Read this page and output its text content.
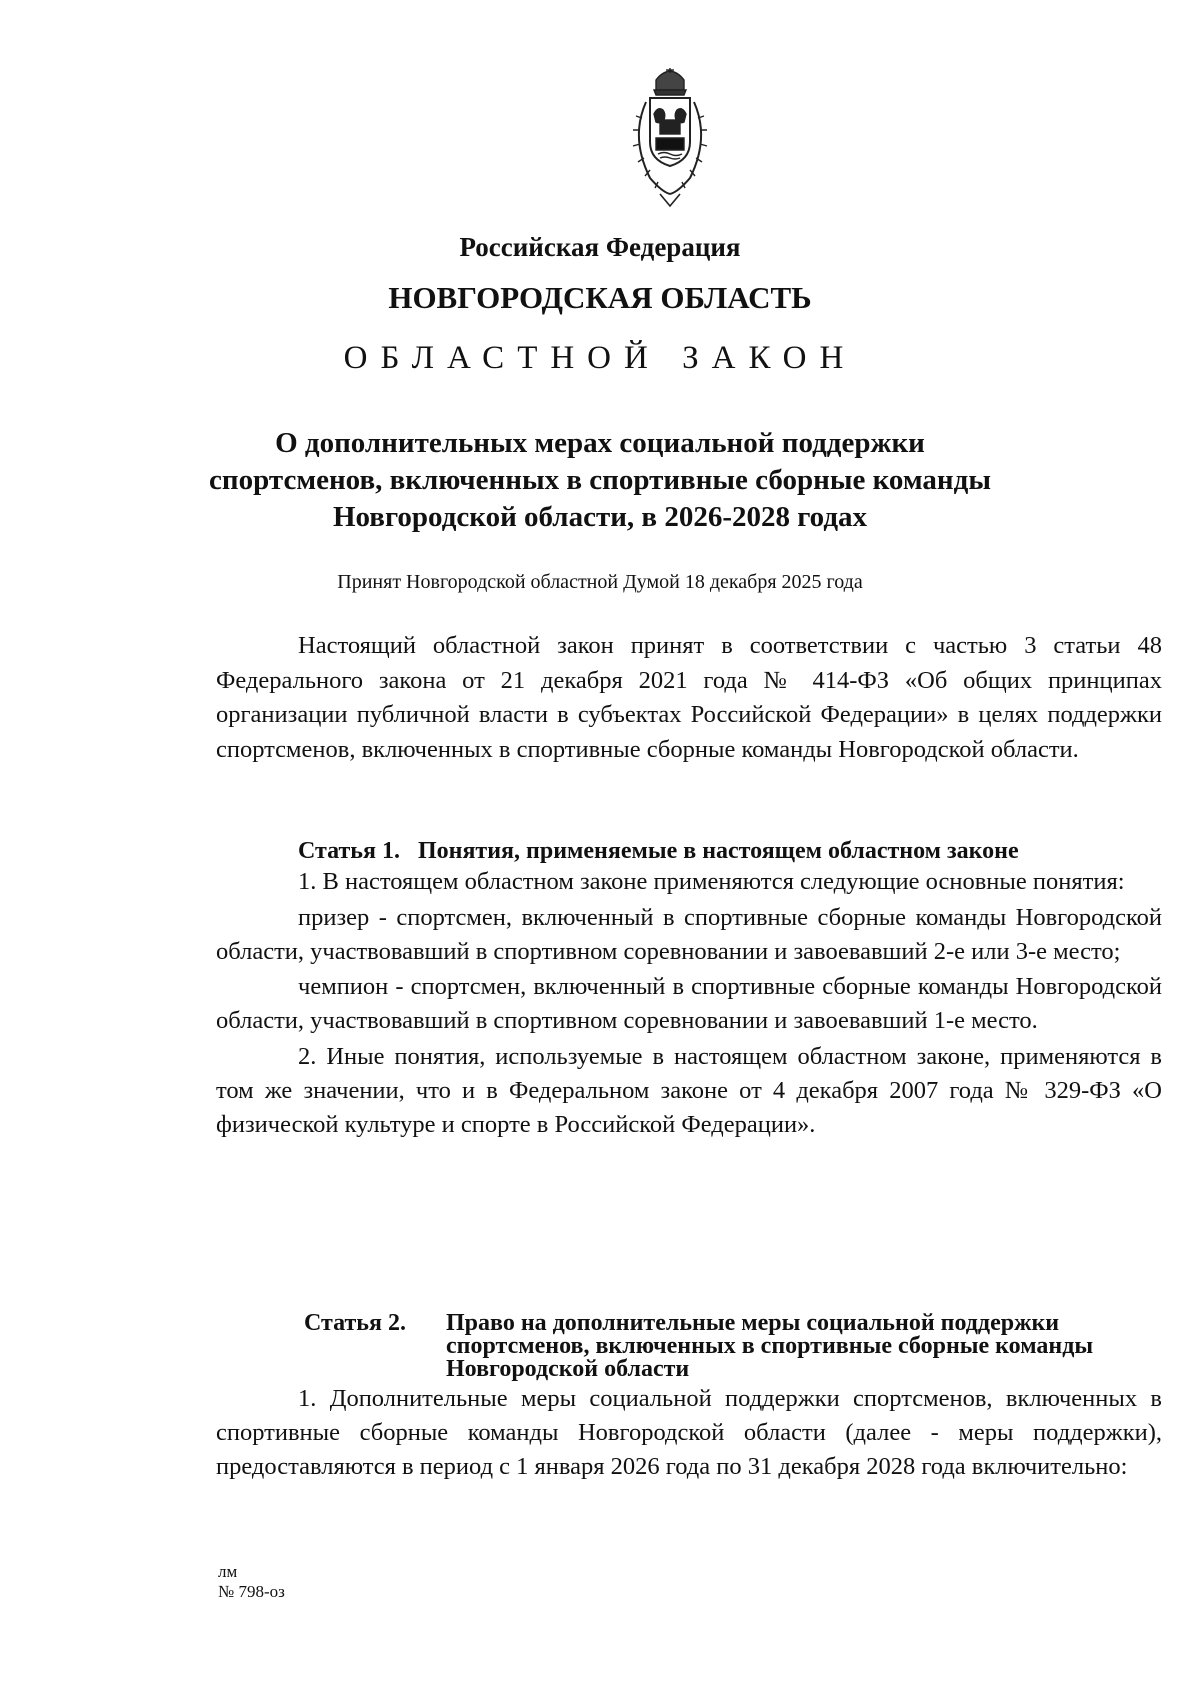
Российская Федерация
НОВГОРОДСКАЯ ОБЛАСТЬ
ОБЛАСТНОЙ ЗАКОН
О дополнительных мерах социальной поддержки
спортсменов, включенных в спортивные сборные команды
Новгородской области, в 2026-2028 годах
Принят Новгородской областной Думой 18 декабря 2025 года

Настоящий областной закон принят в соответствии с частью 3 статьи 48 Федерального закона от 21 декабря 2021 года № 414-ФЗ «Об общих принципах организации публичной власти в субъектах Российской Федерации» в целях поддержки спортсменов, включенных в спортивные сборные команды Новгородской области.

Статья 1. Понятия, применяемые в настоящем областном законе

1. В настоящем областном законе применяются следующие основные понятия:

призер - спортсмен, включенный в спортивные сборные команды Новгородской области, участвовавший в спортивном соревновании и завоевавший 2-е или 3-е место;

чемпион - спортсмен, включенный в спортивные сборные команды Новгородской области, участвовавший в спортивном соревновании и завоевавший 1-е место.

2. Иные понятия, используемые в настоящем областном законе, применяются в том же значении, что и в Федеральном законе от 4 декабря 2007 года № 329-ФЗ «О физической культуре и спорте в Российской Федерации».

Статья 2. Право на дополнительные меры социальной поддержки спортсменов, включенных в спортивные сборные команды Новгородской области

1. Дополнительные меры социальной поддержки спортсменов, включенных в спортивные сборные команды Новгородской области (далее - меры поддержки), предоставляются в период с 1 января 2026 года по 31 декабря 2028 года включительно:

лм
№ 798-оз
